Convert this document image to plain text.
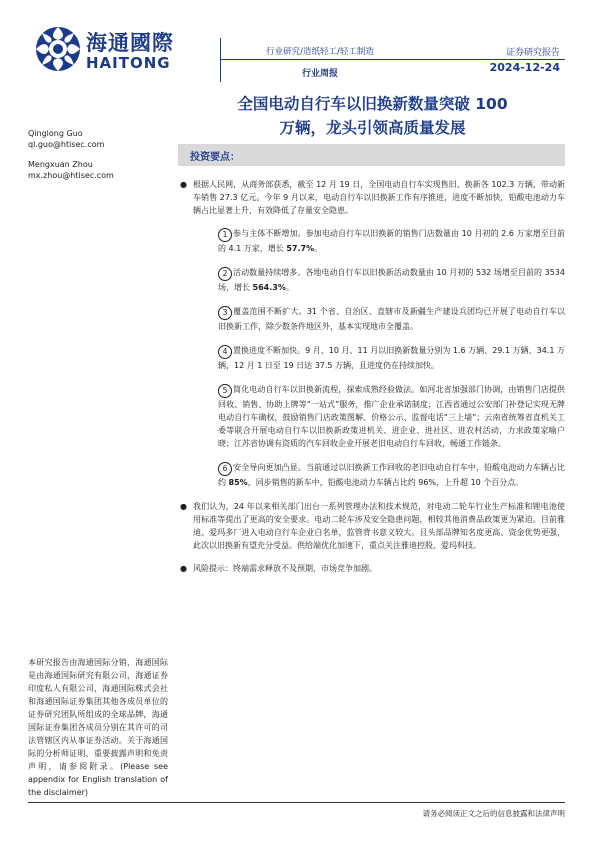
海通國際
HAITONG
行业研究/造纸轻工/轻工制造
行业周报
证券研究报告
2024-12-24
全国电动自行车以旧换新数量突破 100
万辆，龙头引领高质量发展
Qinglong Guo
ql.guo@htisec.com
Mengxuan Zhou
mx.zhou@htisec.com
投资要点：
● 根据人民网，从商务部获悉，截至 12 月 19 日，全国电动自行车实现售旧、换新各 102.3 万辆，带动新车销售 27.3 亿元。今年 9 月以来，电动自行车以旧换新工作有序推进，进度不断加快，铅酸电池动力车辆占比显著上升，有效降低了存量安全隐患。
1 参与主体不断增加。参加电动自行车以旧换新的销售门店数量由 10 月初的 2.6 万家增至目前的 4.1 万家，增长 57.7%。
2 活动数量持续增多。各地电动自行车以旧换新活动数量由 10 月初的 532 场增至目前的 3534 场，增长 564.3%。
3 覆盖范围不断扩大。31 个省、自治区、直辖市及新疆生产建设兵团均已开展了电动自行车以旧换新工作，除少数条件地区外，基本实现地市全覆盖。
4 置换进度不断加快。9 月、10 月、11 月以旧换新数量分别为 1.6 万辆、29.1 万辆、34.1 万辆，12 月 1 日至 19 日达 37.5 万辆，且进度仍在持续加快。
5 简化电动自行车以旧换新流程，探索成熟经验做法。如河北省加强部门协调，由销售门店提供回收、销售、协助上牌等“一站式”服务，推广企业承诺制度；江西省通过公安部门补登记实现无牌电动自行车确权，鼓励销售门店政策图解、价格公示、监督电话“三上墙”；云南省统筹省直机关工委等联合开展电动自行车以旧换新政策进机关、进企业、进社区、进农村活动，力求政策家喻户晓；江苏省协调有资质的汽车回收企业开展老旧电动自行车回收，畅通工作链条。
6 安全导向更加凸显。当前通过以旧换新工作回收的老旧电动自行车中，铅酸电池动力车辆占比约 85%，同步销售的新车中，铅酸电池动力车辆占比约 96%，上升超 10 个百分点。
● 我们认为，24 年以来相关部门出台一系列管理办法和技术规范，对电动二轮车行业生产标准和锂电池使用标准等提出了更高的安全要求。电动二轮车涉及安全隐患问题，相较其他消费品政策更为紧迫。目前雅迪、爱玛多厂进入电动自行车企业白名单，监管背书意义较大。且头部品牌知名度更高、资金优势更强，此次以旧换新有望充分受益。供给端优化加速下，重点关注雅迪控股、爱玛科技。
● 风险提示：终端需求释放不及预期，市场竞争加剧。
本研究报告由海通国际分销，海通国际是由海通国际研究有限公司，海通证券印度私人有限公司，海通国际株式会社和海通国际证券集团其他各成员单位的证券研究团队所组成的全球品牌，海通国际证券集团各成员分别在其许可的司法管辖区内从事证券活动。关于海通国际的分析师证明，重要披露声明和免责声明，请参阅附录。(Please see appendix for English translation of the disclaimer)
请务必阅读正文之后的信息披露和法律声明
